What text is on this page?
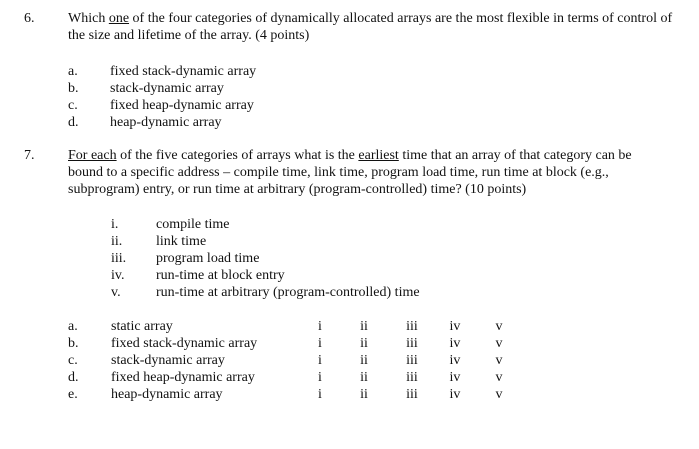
6. Which one of the four categories of dynamically allocated arrays are the most flexible in terms of control of the size and lifetime of the array. (4 points)
a. fixed stack-dynamic array
b. stack-dynamic array
c. fixed heap-dynamic array
d. heap-dynamic array
7. For each of the five categories of arrays what is the earliest time that an array of that category can be bound to a specific address – compile time, link time, program load time, run time at block (e.g., subprogram) entry, or run time at arbitrary (program-controlled) time? (10 points)
i.	compile time
ii. link time
iii. program load time
iv. run-time at block entry
v.	run-time at arbitrary (program-controlled) time
a. static array	i	ii	iii	iv	v
b. fixed stack-dynamic array	i	ii	iii	iv	v
c. stack-dynamic array	i	ii	iii	iv	v
d. fixed heap-dynamic array	i	ii	iii	iv	v
e. heap-dynamic array	i	ii	iii	iv	v
